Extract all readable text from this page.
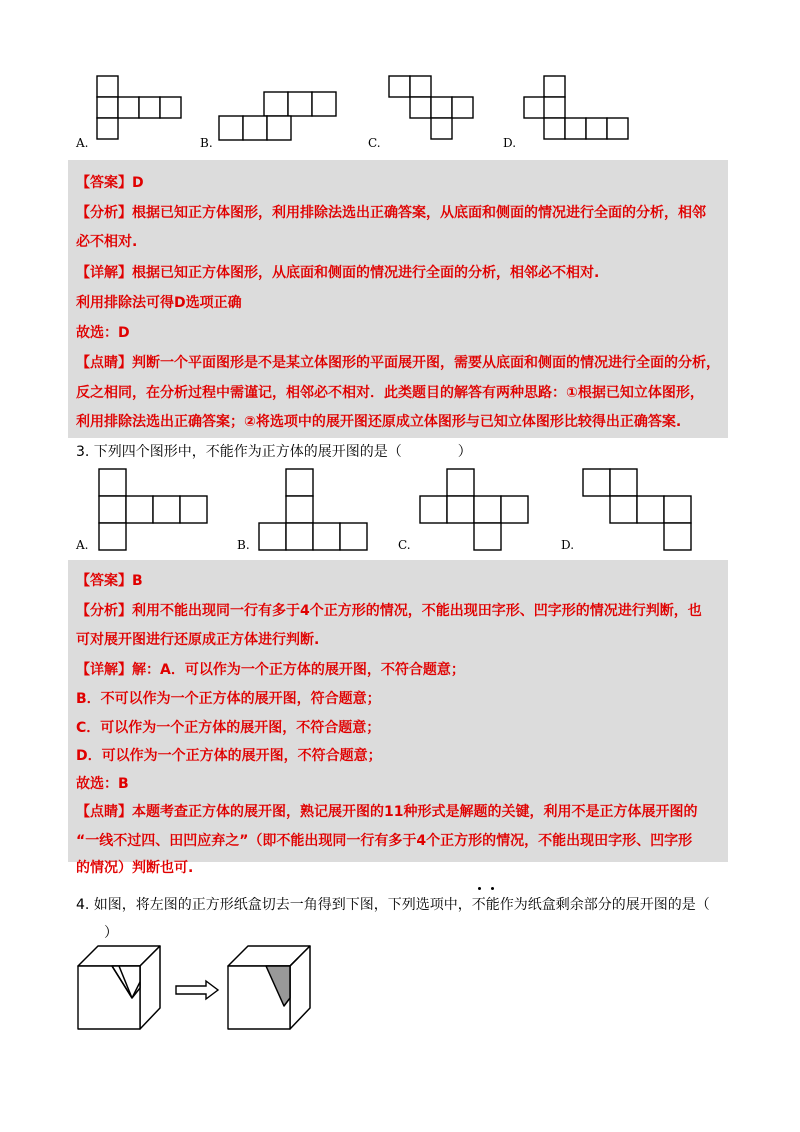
A.	B.	C.	D.
【答案】D
【分析】根据已知正方体图形，利用排除法选出正确答案，从底面和侧面的情况进行全面的分析，相邻
必不相对.
【详解】根据已知正方体图形，从底面和侧面的情况进行全面的分析，相邻必不相对.
利用排除法可得D选项正确
故选：D
【点睛】判断一个平面图形是不是某立体图形的平面展开图，需要从底面和侧面的情况进行全面的分析，
反之相同，在分析过程中需谨记，相邻必不相对．此类题目的解答有两种思路：①根据已知立体图形，
利用排除法选出正确答案；②将选项中的展开图还原成立体图形与已知立体图形比较得出正确答案.
3. 下列四个图形中，不能作为正方体的展开图的是（　　　　）
A.	B.	C.	D.
【答案】B
【分析】利用不能出现同一行有多于4个正方形的情况，不能出现田字形、凹字形的情况进行判断，也
可对展开图进行还原成正方体进行判断.
【详解】解：A．可以作为一个正方体的展开图，不符合题意；
B．不可以作为一个正方体的展开图，符合题意；
C．可以作为一个正方体的展开图，不符合题意；
D．可以作为一个正方体的展开图，不符合题意；
故选：B
【点睛】本题考查正方体的展开图，熟记展开图的11种形式是解题的关键，利用不是正方体展开图的
“一线不过四、田凹应弃之”（即不能出现同一行有多于4个正方形的情况，不能出现田字形、凹字形
的情况）判断也可.
4. 如图，将左图的正方形纸盒切去一角得到下图，下列选项中，不能作为纸盒剩余部分的展开图的是（
　　）
